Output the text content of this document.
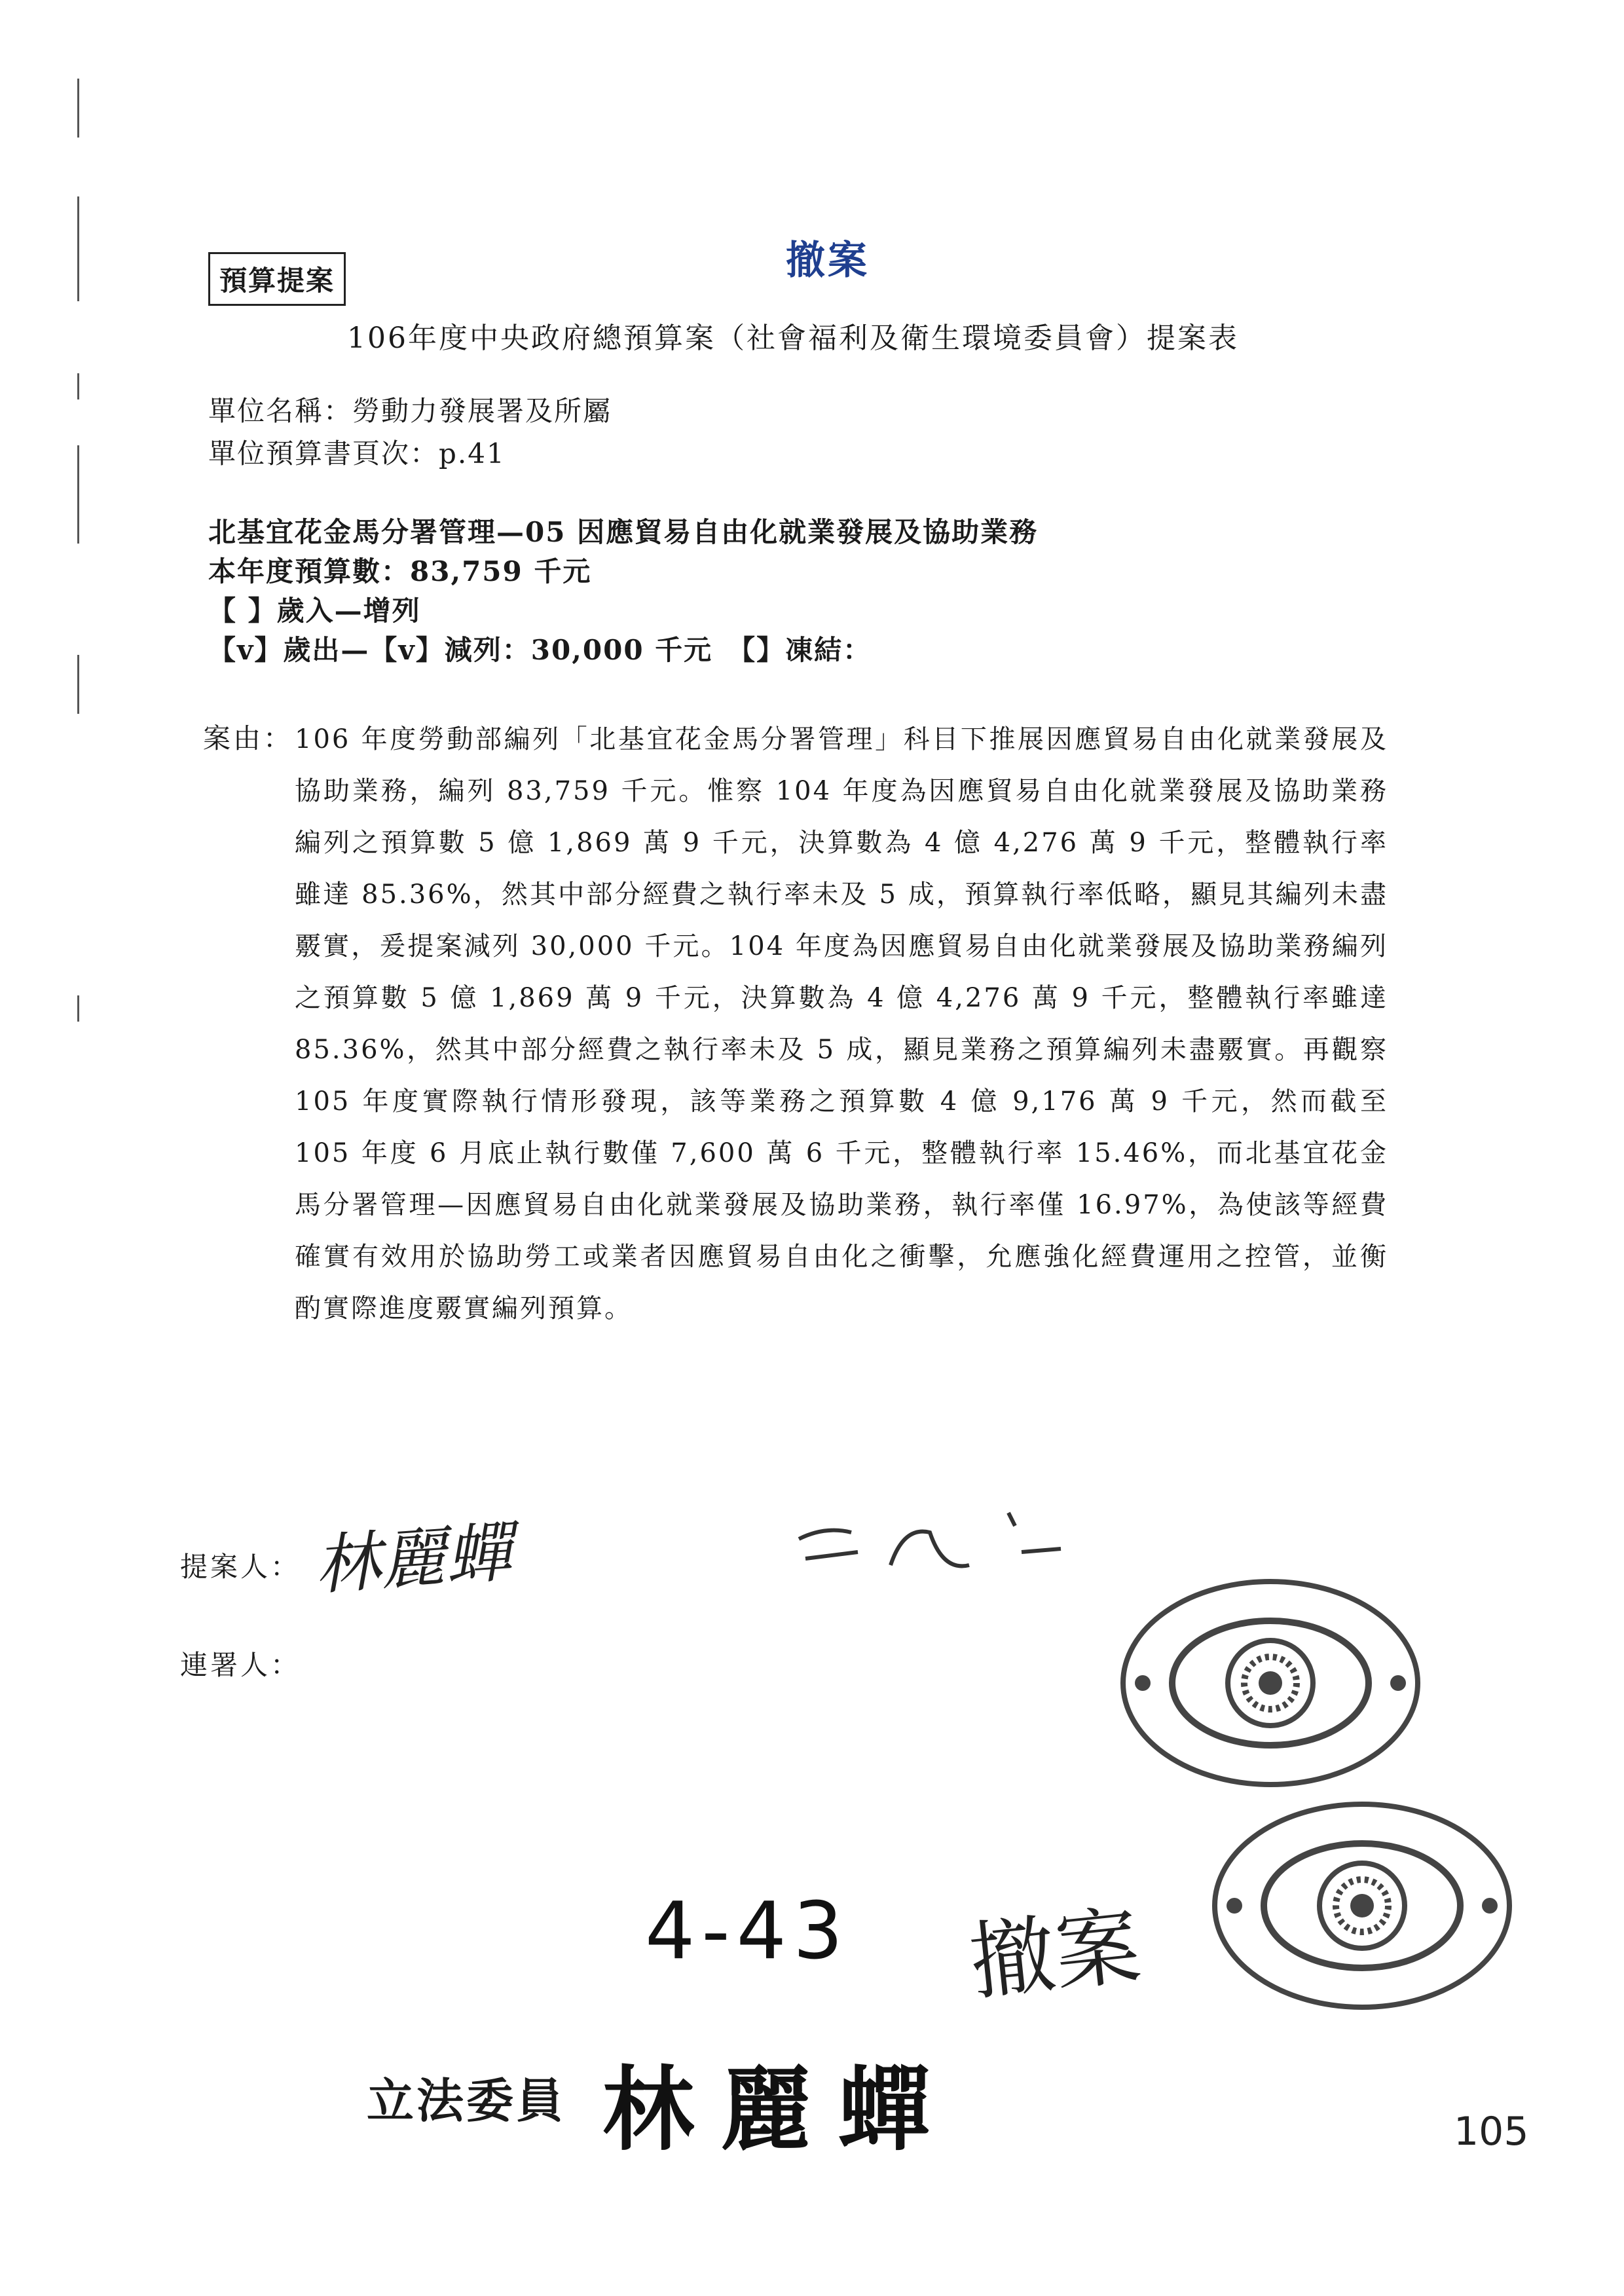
預算提案	撤案
106年度中央政府總預算案（社會福利及衛生環境委員會）提案表
單位名稱：勞動力發展署及所屬
單位預算書頁次：p.41
北基宜花金馬分署管理—05 因應貿易自由化就業發展及協助業務
本年度預算數：83,759 千元
【 】歲入—增列
【v】歲出—【v】減列：30,000 千元　【】凍結：
案由： 106 年度勞動部編列「北基宜花金馬分署管理」科目下推展因應貿易自由化就業發展及協助業務，編列 83,759 千元。惟察 104 年度為因應貿易自由化就業發展及協助業務編列之預算數 5 億 1,869 萬 9 千元，決算數為 4 億 4,276 萬 9 千元，整體執行率雖達 85.36%，然其中部分經費之執行率未及 5 成，預算執行率低略，顯見其編列未盡覈實，爰提案減列 30,000 千元。104 年度為因應貿易自由化就業發展及協助業務編列之預算數 5 億 1,869 萬 9 千元，決算數為 4 億 4,276 萬 9 千元，整體執行率雖達 85.36%，然其中部分經費之執行率未及 5 成，顯見業務之預算編列未盡覈實。再觀察 105 年度實際執行情形發現，該等業務之預算數 4 億 9,176 萬 9 千元，然而截至 105 年度 6 月底止執行數僅 7,600 萬 6 千元，整體執行率 15.46%，而北基宜花金馬分署管理—因應貿易自由化就業發展及協助業務，執行率僅 16.97%，為使該等經費確實有效用於協助勞工或業者因應貿易自由化之衝擊，允應強化經費運用之控管，並衡酌實際進度覈實編列預算。
提案人： 林麗蟬
連署人：
4-43 撤案
立法委員 林麗蟬	105
